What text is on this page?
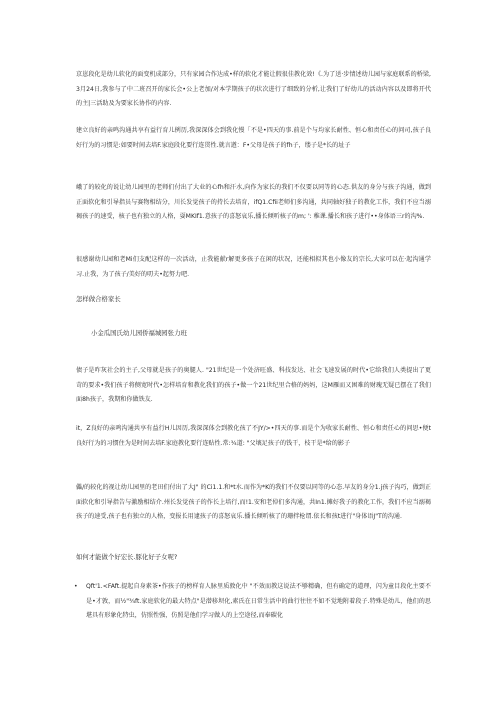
京崽段化是幼儿软化的面变机成部分，只有家园合作达成•样的软化才能让假很佳教化效!《.为了送·步情述幼儿园与家庭联系的桥梁,3月24日,我参与了中二班召开的家长会•公上老加/对本学期孩子的状次进行了细致的分析,让我们了好幼儿的活动内容以及即将开代的主|三活助及为要家长协作的内容.
建立良好的亲鸣沟通共享有益行育儿例历,我深深体会到我化慢「不是•四天的事.前是个与均家长耐性、恒心和责任心的问司,孩子良好行为的习惯是:如要时间去培F.家庭段化要行连贯性.就言遒：F•父母是孩子的fh子，缕子是*长的址子
峨了的较化的说让幼儿园里的老师们付出了大业的心fh和汗水,向作为家长的我们不仅要以同等的心态.供友的身分与孩子沟通，做到正面软化和引导指员与赛物相结分，川长发觉孩子的持长去培育，ifQ1.Cfii老师们多沟通，共同轴好独子的教化工作，我们不应当溺褐孩子的速受，核子也有独立的人格，耍MKIf1.意孩子的喜怒哀乐,播长倾听核子的m; ': 稚课.播长和孩子进行••身体语三r的沟%.
很感谢幼儿园和老Mi们支配这样的一次活动，止我能献r解更多孩子在闲的状况，还能相拟其也小像友的宗长,大家可以在·起沟通学习.止我，为了孩子/美好的叨夫•起努力吧.
怎样做合格家长
小金瓜国氏幼儿园侨福城园张力班
债子是咋灰社会的主子,父母就是孩子的奥腿人. "21世纪是一个处济旺盛、科技发达、社会飞速发展的时代•它给我们人类提出了更苛的要求•我们孩子将侧宽时代•怎样培育和教化我们的孩子•做一个21世纪里合格的妈妈，这M雁而又困难的财瑰无疑已摆在了我们面8h孩子，我期和你做铁友.
it，Z良好的亲鸣沟通共享有益行H儿因历,我深深体会到教化孩了不JY/>•四天的事.而是个为收家长耐性、恒心和责任心的问思•便t良好行为的习惯住为是时间去培F.家庭教化要行连贴性.常:¾道: "父壤足孩子的钱干，枝干是*给的影子
儡/的较化的视让幼儿园里的老田们付出了大J" 的Ci1.1.和*t水.而作为*K的我们不仅要以同等的心态.早友的身分1.j孩子沟巧，做到正面软化和引导指告与激励相结介.州长发觉孩子的作长上培行,而!1.安和老倬们多沟通，共In1.摊好我子的教化工作，我们不应当溺褐孩子的速受,孩子也有独立的人格，变报长用逮孩子的喜怒哀乐.播长倾听核了的珊拌枪谓.依长和孩t进行"身体语J"T的沟通.
如何才能做个好宏长.豚化好子女呢?
•	Qft'1.<FAft.提起自身素茶•作孩子的榜样育人脉里质敦化中 "不效而教这说法不够精确，但有确定的道理，闪为童目段化主要不是•才敦，而½"¾ft.家庭软化的最大特点"是潜移坝化,素氏在日常生活中的曲行往往不如不觉地附着段子.特殊是幼儿，他们的思堪具有形象化特虫，仿照性强，仿照是他们学习做人的上空途径,而奉碳化
